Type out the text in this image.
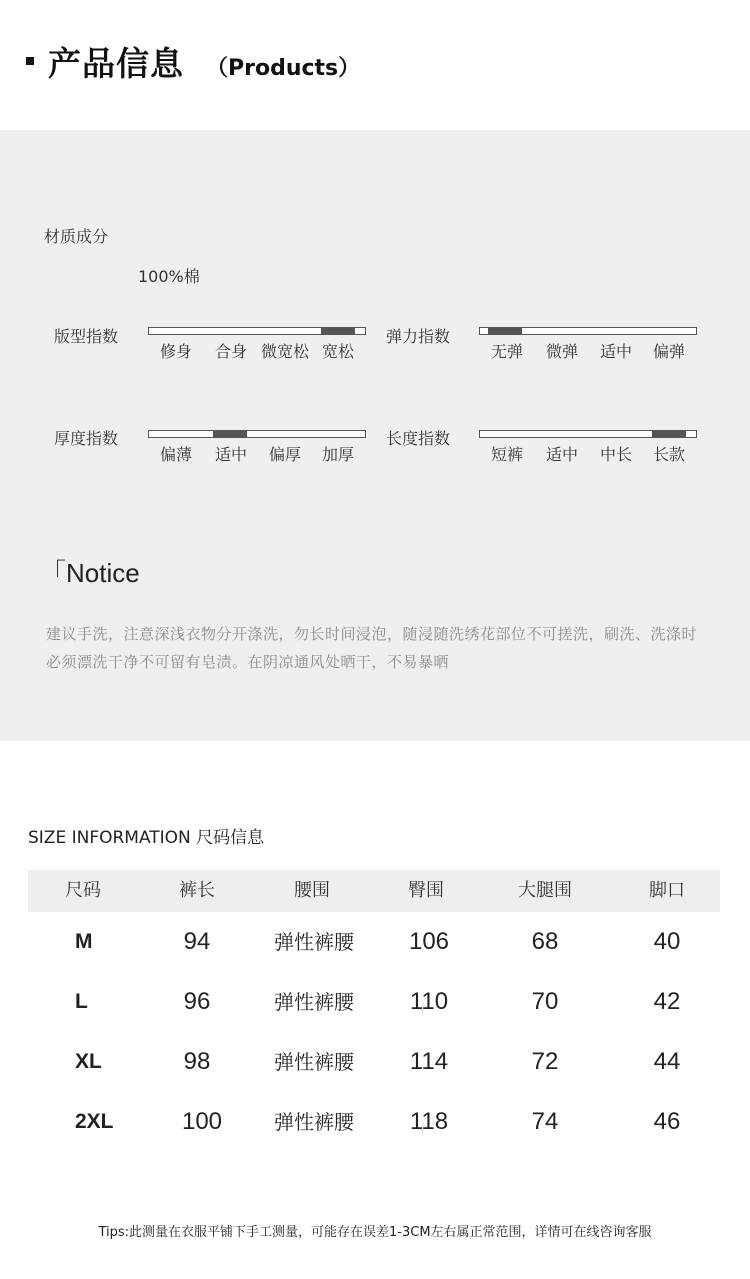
产品信息 （Products）
材质成分
100%棉
版型指数
修身	合身 微宽松 宽松
弹力指数
无弹	微弹	适中	偏弹
厚度指数
偏薄	适中	偏厚	加厚
长度指数
短裤	适中	中长	长款
「Notice
建议手洗，注意深浅衣物分开涤洗，勿长时间浸泡，随浸随洗绣花部位不可搓洗，刷洗、洗涤时必须漂洗干净不可留有皂渍。在阴凉通风处晒干，不易暴晒
SIZE INFORMATION 尺码信息
尺码	裤长	腰围	臀围	大腿围	脚口
M	94	弹性裤腰	106	68	40
L	96	弹性裤腰	110	70	42
XL	98	弹性裤腰	114	72	44
2XL	100	弹性裤腰	118	74	46
Tips:此测量在衣服平铺下手工测量，可能存在误差1-3CM左右属正常范围，详情可在线咨询客服
